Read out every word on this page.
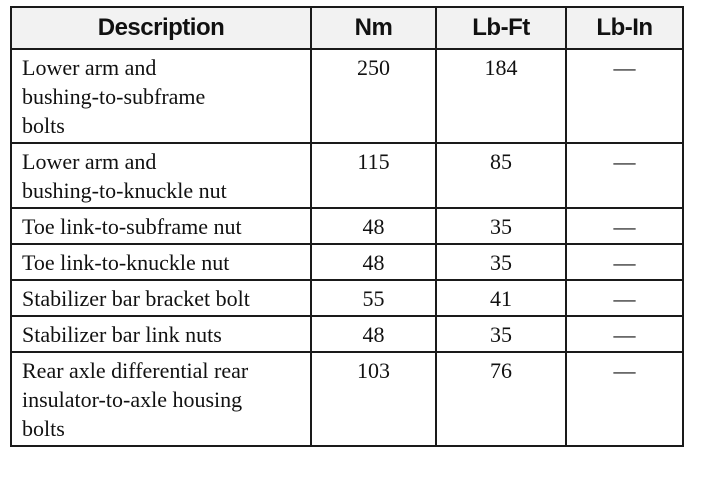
Description	Nm	Lb-Ft	Lb-In

Lower arm and
bushing-to-subframe
bolts	250	184	—

Lower arm and
bushing-to-knuckle nut	115	85	—

Toe link-to-subframe nut	48	35	—

Toe link-to-knuckle nut	48	35	—

Stabilizer bar bracket bolt	55	41	—

Stabilizer bar link nuts	48	35	—

Rear axle differential rear
insulator-to-axle housing
bolts	103	76	—
